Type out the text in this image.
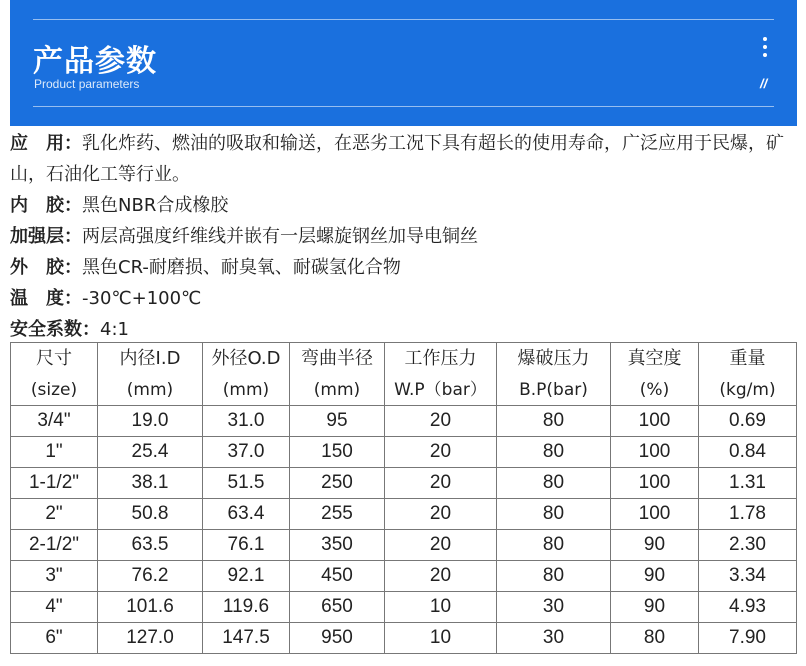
产品参数
Product parameters	//
应　用：乳化炸药、燃油的吸取和输送，在恶劣工况下具有超长的使用寿命，广泛应用于民爆，矿山，石油化工等行业。
内　胶：黑色NBR合成橡胶
加强层：两层高强度纤维线并嵌有一层螺旋钢丝加导电铜丝
外　胶：黑色CR-耐磨损、耐臭氧、耐碳氢化合物
温　度：-30℃+100℃
安全系数：4:1
尺寸	内径I.D	外径O.D	弯曲半径	工作压力	爆破压力	真空度	重量
(size)	(mm)	(mm)	(mm)	W.P（bar）	B.P(bar)	(%)	(kg/m)
3/4"	19.0	31.0	95	20	80	100	0.69
1"	25.4	37.0	150	20	80	100	0.84
1-1/2"	38.1	51.5	250	20	80	100	1.31
2"	50.8	63.4	255	20	80	100	1.78
2-1/2"	63.5	76.1	350	20	80	90	2.30
3"	76.2	92.1	450	20	80	90	3.34
4"	101.6	119.6	650	10	30	90	4.93
6"	127.0	147.5	950	10	30	80	7.90
